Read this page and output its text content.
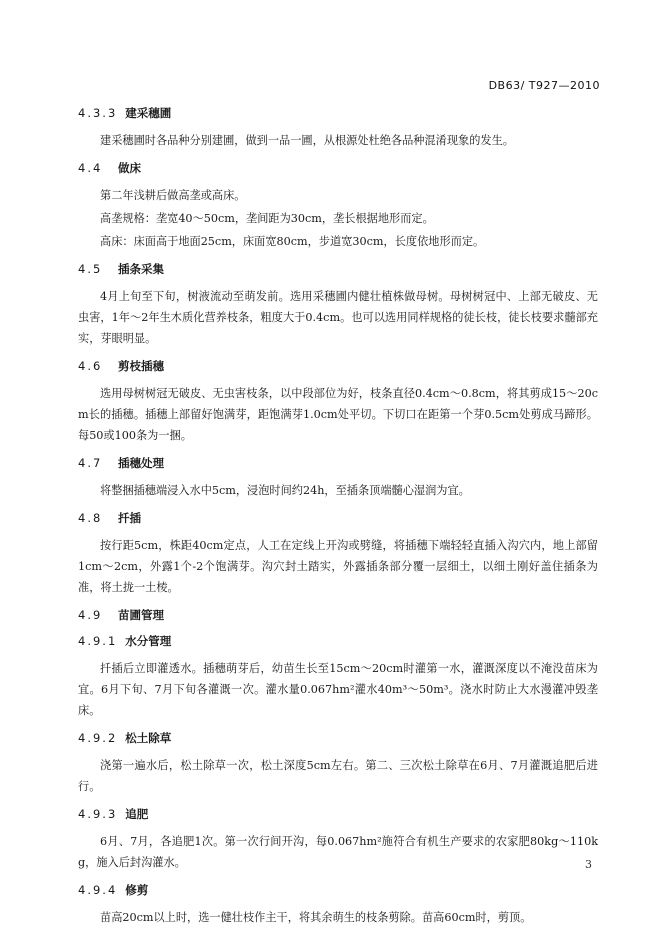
DB63/ T927—2010
4.3.3 建采穗圃
建采穗圃时各品种分别建圃，做到一品一圃，从根源处杜绝各品种混淆现象的发生。
4.4 做床
第二年浅耕后做高垄或高床。
高垄规格：垄宽40～50cm，垄间距为30cm，垄长根据地形而定。
高床：床面高于地面25cm，床面宽80cm，步道宽30cm，长度依地形而定。
4.5 插条采集
4月上旬至下旬，树液流动至萌发前。选用采穗圃内健壮植株做母树。母树树冠中、上部无破皮、无虫害，1年～2年生木质化营养枝条，粗度大于0.4cm。也可以选用同样规格的徒长枝，徒长枝要求髓部充实，芽眼明显。
4.6 剪枝插穗
选用母树树冠无破皮、无虫害枝条，以中段部位为好，枝条直径0.4cm～0.8cm，将其剪成15～20cm长的插穗。插穗上部留好饱满芽，距饱满芽1.0cm处平切。下切口在距第一个芽0.5cm处剪成马蹄形。每50或100条为一捆。
4.7 插穗处理
将整捆插穗端浸入水中5cm，浸泡时间约24h，至插条顶端髓心湿润为宜。
4.8 扦插
按行距5cm，株距40cm定点，人工在定线上开沟或劈缝，将插穗下端轻轻直插入沟穴内，地上部留1cm～2cm，外露1个-2个饱满芽。沟穴封土踏实，外露插条部分覆一层细土，以细土刚好盖住插条为准，将土拢一土棱。
4.9 苗圃管理
4.9.1 水分管理
扦插后立即灌透水。插穗萌芽后，幼苗生长至15cm～20cm时灌第一水，灌溉深度以不淹没苗床为宜。6月下旬、7月下旬各灌溉一次。灌水量0.067hm²灌水40m³～50m³。浇水时防止大水漫灌冲毁垄床。
4.9.2 松土除草
浇第一遍水后，松土除草一次，松土深度5cm左右。第二、三次松土除草在6月、7月灌溉追肥后进行。
4.9.3 追肥
6月、7月，各追肥1次。第一次行间开沟，每0.067hm²施符合有机生产要求的农家肥80kg～110kg，施入后封沟灌水。
4.9.4 修剪
苗高20cm以上时，选一健壮枝作主干，将其余萌生的枝条剪除。苗高60cm时，剪顶。
3
